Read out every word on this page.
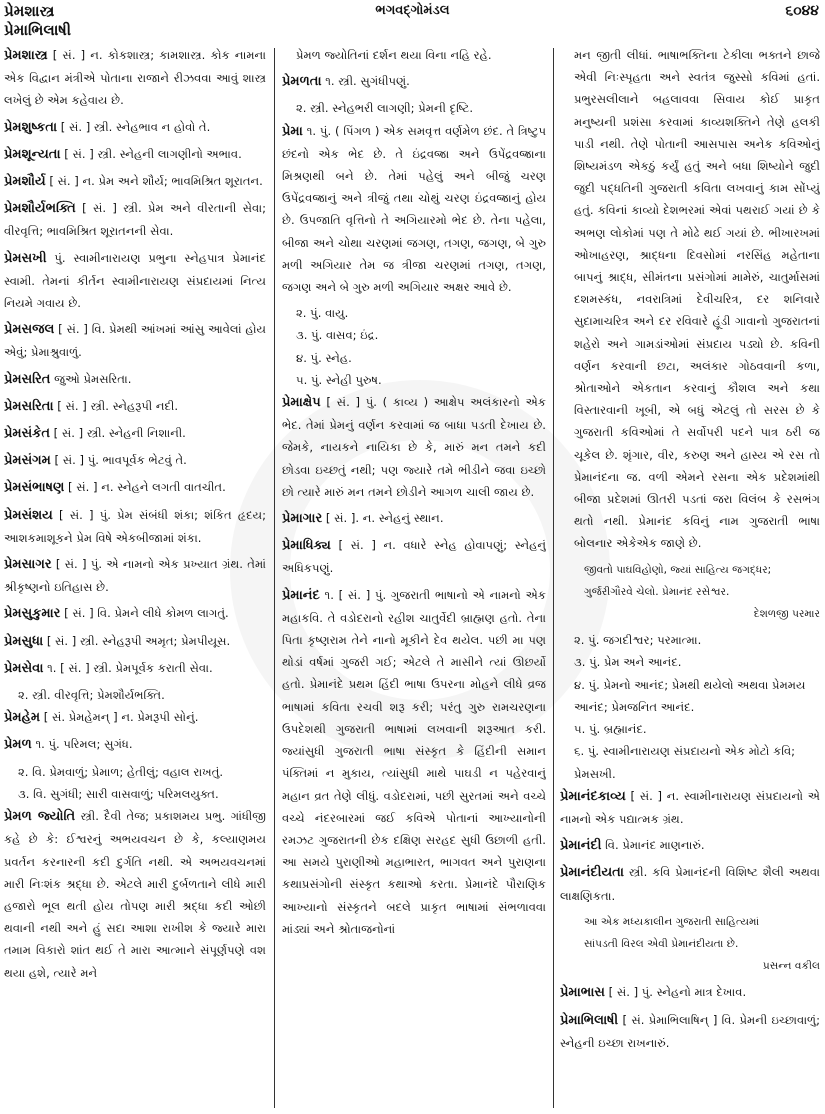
પ્રેમશાસ્ત્ર
પ્રેમાભિલાષી
ભગવદ્ગોમંડલ	૬૦૪૪

પ્રેમશાસ્ત્ર [ સં. ] ન. કોકશાસ્ત્ર; કામશાસ્ત્ર. કોક નામના એક વિદ્વાન મંત્રીએ પોતાના રાજાને રીઝવવા આવું શાસ્ત્ર લખેલું છે એમ કહેવાય છે.

પ્રેમશુષ્કતા [ સં. ] સ્ત્રી. સ્નેહભાવ ન હોવો તે.

પ્રેમશૂન્યતા [ સં. ] સ્ત્રી. સ્નેહની લાગણીનો અભાવ.

પ્રેમશૌર્ય [ સં. ] ન. પ્રેમ અને શૌર્ય; ભાવમિશ્રિત શૂરાતન.

પ્રેમશૌર્યભક્તિ [ સં. ] સ્ત્રી. પ્રેમ અને વીરતાની સેવા; વીરવૃત્તિ; ભાવમિશ્રિત શૂરાતનની સેવા.

પ્રેમસખી પું. સ્વામીનારાયણ પ્રભુના સ્નેહપાત્ર પ્રેમાનંદ સ્વામી. તેમનાં કીર્તન સ્વામીનારાયણ સંપ્રદાયમાં નિત્ય નિયમે ગવાય છે.

પ્રેમસજલ [ સં. ] વિ. પ્રેમથી આંખમાં આંસુ આવેલાં હોય એવું; પ્રેમાશ્રુવાળું.

પ્રેમસરિત જુઓ પ્રેમસરિતા.

પ્રેમસરિતા [ સં. ] સ્ત્રી. સ્નેહરૂપી નદી.

પ્રેમસંકેત [ સં. ] સ્ત્રી. સ્નેહની નિશાની.

પ્રેમસંગમ [ સં. ] પું. ભાવપૂર્વક ભેટવું તે.

પ્રેમસંભાષણ [ સં. ] ન. સ્નેહને લગતી વાતચીત.

પ્રેમસંશય [ સં. ] પું. પ્રેમ સંબંધી શંકા; શંકિત હૃદય; આશકમાશૂકને પ્રેમ વિષે એકબીજામાં શંકા.

પ્રેમસાગર [ સં. ] પું. એ નામનો એક પ્રખ્યાત ગ્રંથ. તેમાં શ્રીકૃષ્ણનો ઇતિહાસ છે.

પ્રેમસુકુમાર [ સં. ] વિ. પ્રેમને લીધે કોમળ લાગતું.

પ્રેમસુધા [ સં. ] સ્ત્રી. સ્નેહરૂપી અમૃત; પ્રેમપીયૂસ.

પ્રેમસેવા ૧. [ સં. ] સ્ત્રી. પ્રેમપૂર્વક કરાતી સેવા.

૨. સ્ત્રી. વીરવૃત્તિ; પ્રેમશૌર્યભક્તિ.

પ્રેમહેમ [ સં. પ્રેમહેમન્ ] ન. પ્રેમરૂપી સોનું.

પ્રેમળ ૧. પું. પરિમલ; સુગંધ.

૨. વિ. પ્રેમવાળું; પ્રેમાળ; હેતીલું; વહાલ રાખતું.

૩. વિ. સુગંધી; સારી વાસવાળું; પરિમલયુક્ત.

પ્રેમળ જ્યોતિ સ્ત્રી. દૈવી તેજ; પ્રકાશમય પ્રભુ. ગાંધીજી કહે છે કે: ઈશ્વરનું અભયવચન છે કે, કલ્યાણમય પ્રવર્તન કરનારની કદી દુર્ગતિ નથી. એ અભયવચનમાં મારી નિઃશંક શ્રદ્ધા છે. એટલે મારી દુર્બળતાને લીધે મારી હજારો ભૂલ થતી હોય તોપણ મારી શ્રદ્ધા કદી ઓછી થવાની નથી અને હું સદા આશા રાખીશ કે જ્યારે મારા તમામ વિકારો શાંત થઈ તે મારા આત્માને સંપૂર્ણપણે વશ થયા હશે, ત્યારે મને

પ્રેમળ જ્યોતિનાં દર્શન થયા વિના નહિ રહે.

પ્રેમળતા ૧. સ્ત્રી. સુગંધીપણું.

૨. સ્ત્રી. સ્નેહભરી લાગણી; પ્રેમની દૃષ્ટિ.

પ્રેમા ૧. પું. ( પિંગળ ) એક સમવૃત્ત વર્ણમેળ છંદ. તે ત્રિષ્ટુપ છંદનો એક ભેદ છે. તે ઇંદ્રવજ્રા અને ઉપેંદ્રવજ્રાના મિશ્રણથી બને છે. તેમાં પહેલું અને બીજું ચરણ ઉપેંદ્રવજ્રાનું અને ત્રીજું તથા ચોથું ચરણ ઇંદ્રવજ્રાનું હોય છે. ઉપજાતિ વૃત્તિનો તે અગિયારમો ભેદ છે. તેના પહેલા, બીજા અને ચોથા ચરણમાં જગણ, તગણ, જગણ, બે ગુરુ મળી અગિયાર તેમ જ ત્રીજા ચરણમાં તગણ, તગણ, જગણ અને બે ગુરુ મળી અગિયાર અક્ષર આવે છે.

૨. પું. વાયુ.

૩. પું. વાસવ; ઇંદ્ર.

૪. પું. સ્નેહ.

૫. પું. સ્નેહી પુરુષ.

પ્રેમાક્ષેપ [ સં. ] પું. ( કાવ્ય ) આક્ષેપ અલંકારનો એક ભેદ. તેમાં પ્રેમનું વર્ણન કરવામાં જ બાધા પડતી દેખાય છે. જેમકે, નાયકને નાયિકા છે કે, મારું મન તમને કદી છોડવા ઇચ્છતું નથી; પણ જ્યારે તમે ભીડીને જવા ઇચ્છો છો ત્યારે મારું મન તમને છોડીને આગળ ચાલી જાય છે.

પ્રેમાગાર [ સં. ]. ન. સ્નેહનું સ્થાન.

પ્રેમાધિક્ય [ સં. ] ન. વધારે સ્નેહ હોવાપણું; સ્નેહનું અધિકપણું.

પ્રેમાનંદ ૧. [ સં. ] પું. ગુજરાતી ભાષાનો એ નામનો એક મહાકવિ. તે વડોદરાનો રહીશ ચાતુર્વેદી બ્રાહ્મણ હતો. તેના પિતા કૃષ્ણરામ તેને નાનો મૂકીને દેવ થયેલ. પછી મા પણ થોડાં વર્ષમાં ગુજરી ગઈ; એટલે તે માસીને ત્યાં ઊછર્યો હતો. પ્રેમાનંદે પ્રથમ હિંદી ભાષા ઉપરના મોહને લીધે વ્રજ ભાષામાં કવિતા રચવી શરૂ કરી; પરંતુ ગુરુ રામચરણના ઉપદેશથી ગુજરાતી ભાષામાં લખવાની શરૂઆત કરી. જ્યાંસુધી ગુજરાતી ભાષા સંસ્કૃત કે હિંદીની સમાન પંક્તિમાં ન મુકાય, ત્યાંસુધી માથે પાઘડી ન પહેરવાનું મહાન વ્રત તેણે લીધું. વડોદરામાં, પછી સુરતમાં અને વચ્ચે વચ્ચે નંદરબારમાં જઈ કવિએ પોતાનાં આખ્યાનોની રમઝટ ગુજરાતની છેક દક્ષિણ સરહદ સુધી ઉછાળી હતી. આ સમયે પુરાણીઓ મહાભારત, ભાગવત અને પુરાણના કથાપ્રસંગોની સંસ્કૃત કથાઓ કરતા. પ્રેમાનંદે પૌરાણિક આખ્યાનો સંસ્કૃતને બદલે પ્રાકૃત ભાષામાં સંભળાવવા માંડ્યાં અને શ્રોતાજનોનાં

મન જીતી લીધાં. ભાષાભક્તિના ટેકીલા ભક્તને છાજે એવી નિઃસ્પૃહતા અને સ્વતંત્ર જુસ્સો કવિમાં હતાં. પ્રભુરસલીલાને બહલાવવા સિવાય કોઈ પ્રાકૃત મનુષ્યની પ્રશંસા કરવામાં કાવ્યશક્તિને તેણે હલકી પાડી નથી. તેણે પોતાની આસપાસ અનેક કવિઓનું શિષ્યમંડળ એકઠું કર્યું હતું અને બધા શિષ્યોને જુદી જુદી પદ્ધતિની ગુજરાતી કવિતા લખવાનું કામ સોંપ્યું હતું. કવિનાં કાવ્યો દેશભરમાં એવાં પથરાઈ ગયાં છે કે અભણ લોકોમાં પણ તે મોઢે થઈ ગયાં છે. ભીખારખમાં ઓખાહરણ, શ્રાદ્ધના દિવસોમાં નરસિંહ મહેતાના બાપનું શ્રાદ્ધ, સીમંતના પ્રસંગોમાં મામેરું, ચાતુર્માસમાં દશમસ્કંધ, નવરાત્રિમાં દેવીચરિત્ર, દર શનિવારે સુદામાચરિત્ર અને દર રવિવારે હૂંડી ગાવાનો ગુજરાતનાં શહેરો અને ગામડાંઓમાં સંપ્રદાય પડ્યો છે. કવિની વર્ણન કરવાની છટા, અલંકાર ગોઠવવાની કળા, શ્રોતાઓને એકતાન કરવાનું કૌશલ અને કથા વિસ્તારવાની ખૂબી, એ બધું એટલું તો સરસ છે કે ગુજરાતી કવિઓમાં તે સર્વોપરી પદને પાત્ર ઠરી જ ચૂકેલ છે. શૃંગાર, વીર, કરુણ અને હાસ્ય એ રસ તો પ્રેમાનંદના જ. વળી એમને રસના એક પ્રદેશમાંથી બીજા પ્રદેશમાં ઊતરી પડતાં જરા વિલંબ કે રસભંગ થતો નથી. પ્રેમાનંદ કવિનું નામ ગુજરાતી ભાષા બોલનાર એકેએક જાણે છે.

જીવતો પાઘવિહોણો, જ્યાં સાહિત્ય જગદ્ધર;

ગુર્જરીગૌરવે ચેલો. પ્રેમાનંદ રસેશ્વર.

દેશળજી પરમાર

૨. પું. જગદીશ્વર; પરમાત્મા.

૩. પું. પ્રેમ અને આનંદ.

૪. પું. પ્રેમનો આનંદ; પ્રેમથી થયેલો અથવા પ્રેમમય આનંદ; પ્રેમજનિત આનંદ.

૫. પું. બ્રહ્માનંદ.

૬. પું. સ્વામીનારાયણ સંપ્રદાયનો એક મોટો કવિ; પ્રેમસખી.

પ્રેમાનંદકાવ્ય [ સં. ] ન. સ્વામીનારાયણ સંપ્રદાયનો એ નામનો એક પદ્યાત્મક ગ્રંથ.

પ્રેમાનંદી વિ. પ્રેમાનંદ માણનારું.

પ્રેમાનંદીયતા સ્ત્રી. કવિ પ્રેમાનંદની વિશિષ્ટ શૈલી અથવા લાક્ષણિકતા.

આ એક મધ્યકાલીન ગુજરાતી સાહિત્યમાં

સાંપડતી વિરલ એવી પ્રેમાનંદીયતા છે.

પ્રસન્ન વકીલ

પ્રેમાભાસ [ સં. ] પું. સ્નેહનો માત્ર દેખાવ.

પ્રેમાભિલાષી [ સં. પ્રેમાભિલાષિન્ ] વિ. પ્રેમની ઇચ્છાવાળું; સ્નેહની ઇચ્છા રાખનારું.
